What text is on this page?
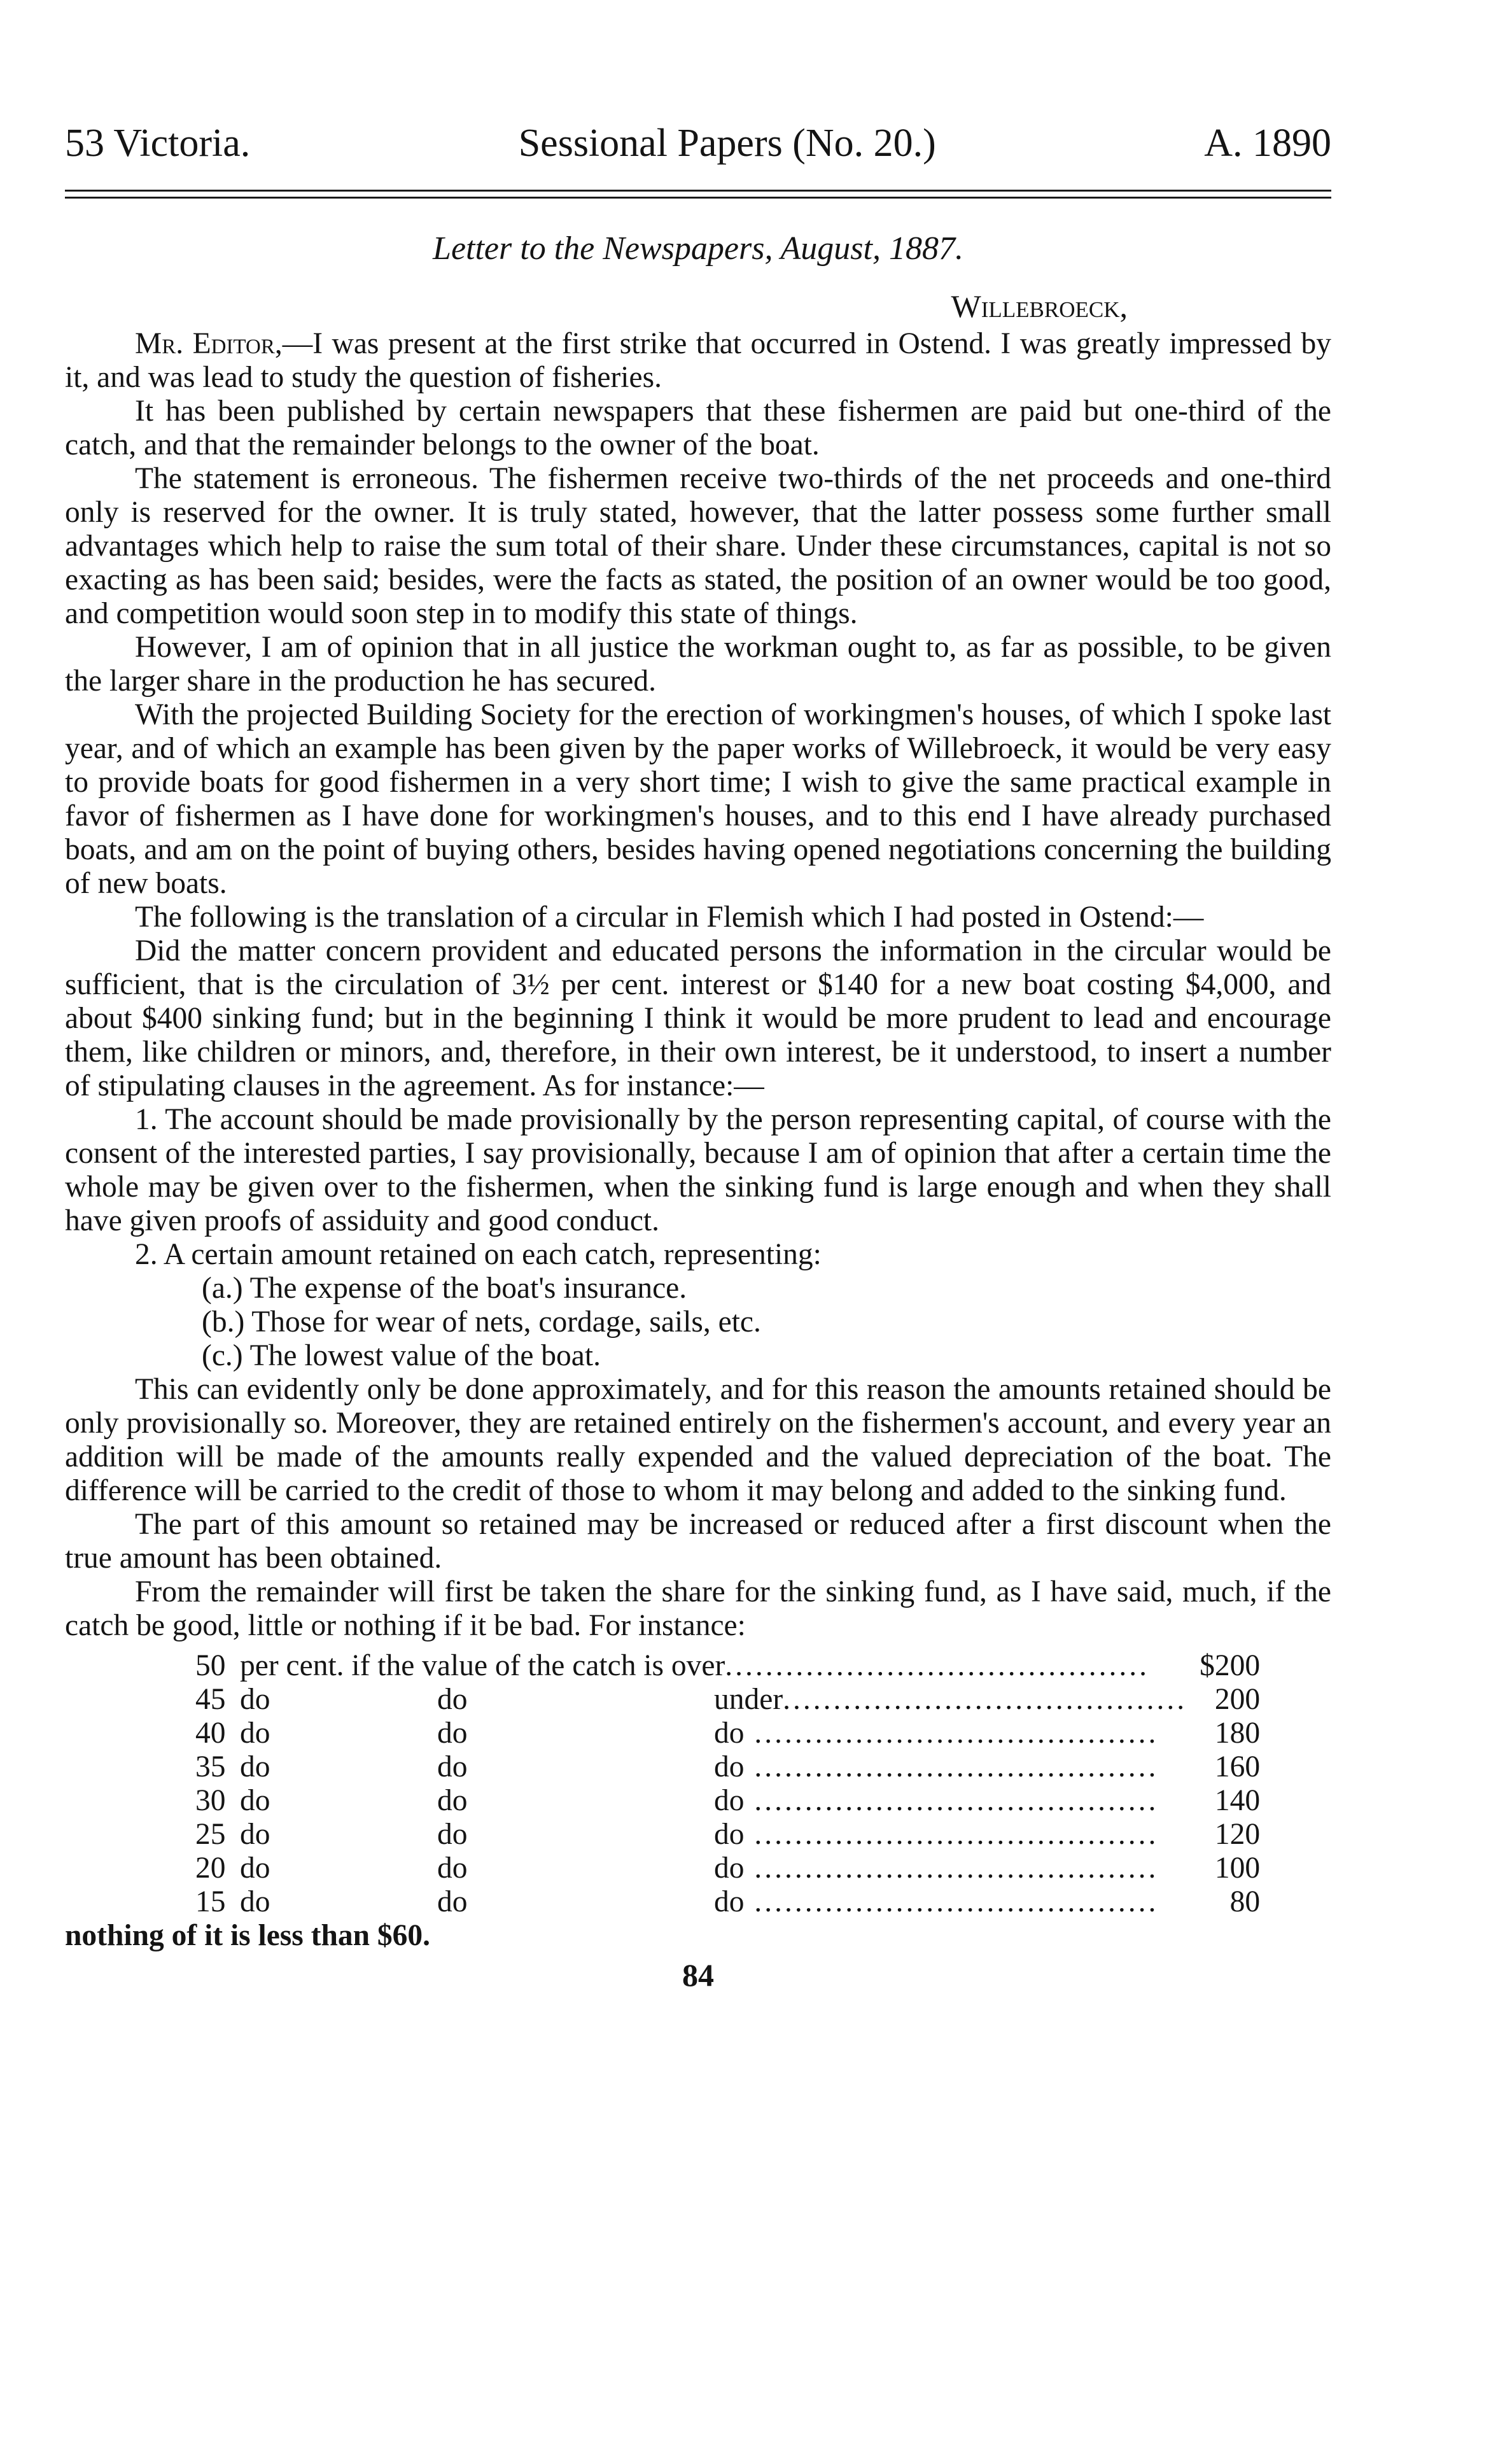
53 Victoria.	Sessional Papers (No. 20.)	A. 1890
Letter to the Newspapers, August, 1887.
Willebroeck,

Mr. Editor,—I was present at the first strike that occurred in Ostend. I was greatly impressed by it, and was lead to study the question of fisheries.

It has been published by certain newspapers that these fishermen are paid but one-third of the catch, and that the remainder belongs to the owner of the boat.

The statement is erroneous. The fishermen receive two-thirds of the net proceeds and one-third only is reserved for the owner. It is truly stated, however, that the latter possess some further small advantages which help to raise the sum total of their share. Under these circumstances, capital is not so exacting as has been said; besides, were the facts as stated, the position of an owner would be too good, and competition would soon step in to modify this state of things.

However, I am of opinion that in all justice the workman ought to, as far as possible, to be given the larger share in the production he has secured.

With the projected Building Society for the erection of workingmen's houses, of which I spoke last year, and of which an example has been given by the paper works of Willebroeck, it would be very easy to provide boats for good fishermen in a very short time; I wish to give the same practical example in favor of fishermen as I have done for workingmen's houses, and to this end I have already purchased boats, and am on the point of buying others, besides having opened negotiations concerning the building of new boats.

The following is the translation of a circular in Flemish which I had posted in Ostend:—

Did the matter concern provident and educated persons the information in the circular would be sufficient, that is the circulation of 3½ per cent. interest or $140 for a new boat costing $4,000, and about $400 sinking fund; but in the beginning I think it would be more prudent to lead and encourage them, like children or minors, and, therefore, in their own interest, be it understood, to insert a number of stipulating clauses in the agreement. As for instance:—

1. The account should be made provisionally by the person representing capital, of course with the consent of the interested parties, I say provisionally, because I am of opinion that after a certain time the whole may be given over to the fishermen, when the sinking fund is large enough and when they shall have given proofs of assiduity and good conduct.

2. A certain amount retained on each catch, representing:
(a.) The expense of the boat's insurance.
(b.) Those for wear of nets, cordage, sails, etc.
(c.) The lowest value of the boat.

This can evidently only be done approximately, and for this reason the amounts retained should be only provisionally so. Moreover, they are retained entirely on the fishermen's account, and every year an addition will be made of the amounts really expended and the valued depreciation of the boat. The difference will be carried to the credit of those to whom it may belong and added to the sinking fund.

The part of this amount so retained may be increased or reduced after a first discount when the true amount has been obtained.

From the remainder will first be taken the share for the sinking fund, as I have said, much, if the catch be good, little or nothing if it be bad. For instance:

50	per cent. if the value of the catch is over ..........................................				$200
45	do	do		under ........................................	200
40	do	do		do ........................................	180
35	do	do		do ........................................	160
30	do	do		do ........................................	140
25	do	do		do ........................................	120
20	do	do		do ........................................	100
15	do	do		do ........................................	80
nothing of it is less than $60.
84
